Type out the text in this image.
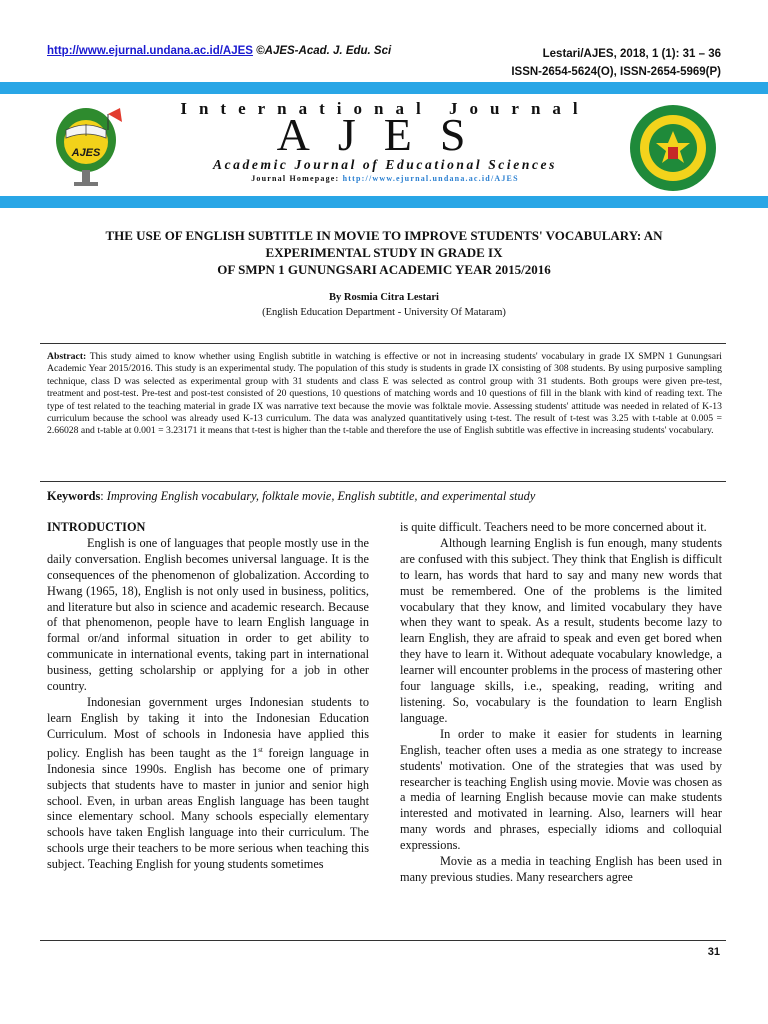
http://www.ejurnal.undana.ac.id/AJES ©AJES-Acad. J. Edu. Sci	Lestari/AJES, 2018, 1 (1): 31 – 36
ISSN-2654-5624(O), ISSN-2654-5969(P)
AJES
International Journal
AJES
Academic Journal of Educational Sciences
Journal Homepage: http://www.ejurnal.undana.ac.id/AJES
THE USE OF ENGLISH SUBTITLE IN MOVIE TO IMPROVE STUDENTS' VOCABULARY: AN
EXPERIMENTAL STUDY IN GRADE IX
OF SMPN 1 GUNUNGSARI ACADEMIC YEAR 2015/2016
By Rosmia Citra Lestari
(English Education Department - University Of Mataram)
Abstract: This study aimed to know whether using English subtitle in watching is effective or not in increasing students' vocabulary in grade IX SMPN 1 Gunungsari Academic Year 2015/2016. This study is an experimental study. The population of this study is students in grade IX consisting of 308 students. By using purposive sampling technique, class D was selected as experimental group with 31 students and class E was selected as control group with 31 students. Both groups were given pre-test, treatment and post-test. Pre-test and post-test consisted of 20 questions, 10 questions of matching words and 10 questions of fill in the blank with kind of reading text. The type of test related to the teaching material in grade IX was narrative text because the movie was folktale movie. Assessing students' attitude was needed in related of K-13 curriculum because the school was already used K-13 curriculum. The data was analyzed quantitatively using t-test. The result of t-test was 3.25 with t-table at 0.005 = 2.66028 and t-table at 0.001 = 3.23171 it means that t-test is higher than the t-table and therefore the use of English subtitle was effective in increasing students' vocabulary.
Keywords: Improving English vocabulary, folktale movie, English subtitle, and experimental study
INTRODUCTION

English is one of languages that people mostly use in the daily conversation. English becomes universal language. It is the consequences of the phenomenon of globalization. According to Hwang (1965, 18), English is not only used in business, politics, and literature but also in science and academic research. Because of that phenomenon, people have to learn English language in formal or/and informal situation in order to get ability to communicate in international events, taking part in international business, getting scholarship or applying for a job in other country.

Indonesian government urges Indonesian students to learn English by taking it into the Indonesian Education Curriculum. Most of schools in Indonesia have applied this policy. English has been taught as the 1st foreign language in Indonesia since 1990s. English has become one of primary subjects that students have to master in junior and senior high school. Even, in urban areas English language has been taught since elementary school. Many schools especially elementary schools have taken English language into their curriculum. The schools urge their teachers to be more serious when teaching this subject. Teaching English for young students sometimes

is quite difficult. Teachers need to be more concerned about it.

Although learning English is fun enough, many students are confused with this subject. They think that English is difficult to learn, has words that hard to say and many new words that must be remembered. One of the problems is the limited vocabulary that they know, and limited vocabulary they have when they want to speak. As a result, students become lazy to learn English, they are afraid to speak and even get bored when they have to learn it. Without adequate vocabulary knowledge, a learner will encounter problems in the process of mastering other four language skills, i.e., speaking, reading, writing and listening. So, vocabulary is the foundation to learn English language.

In order to make it easier for students in learning English, teacher often uses a media as one strategy to increase students' motivation. One of the strategies that was used by researcher is teaching English using movie. Movie was chosen as a media of learning English because movie can make students interested and motivated in learning. Also, learners will hear many words and phrases, especially idioms and colloquial expressions.

Movie as a media in teaching English has been used in many previous studies. Many researchers agree

31
